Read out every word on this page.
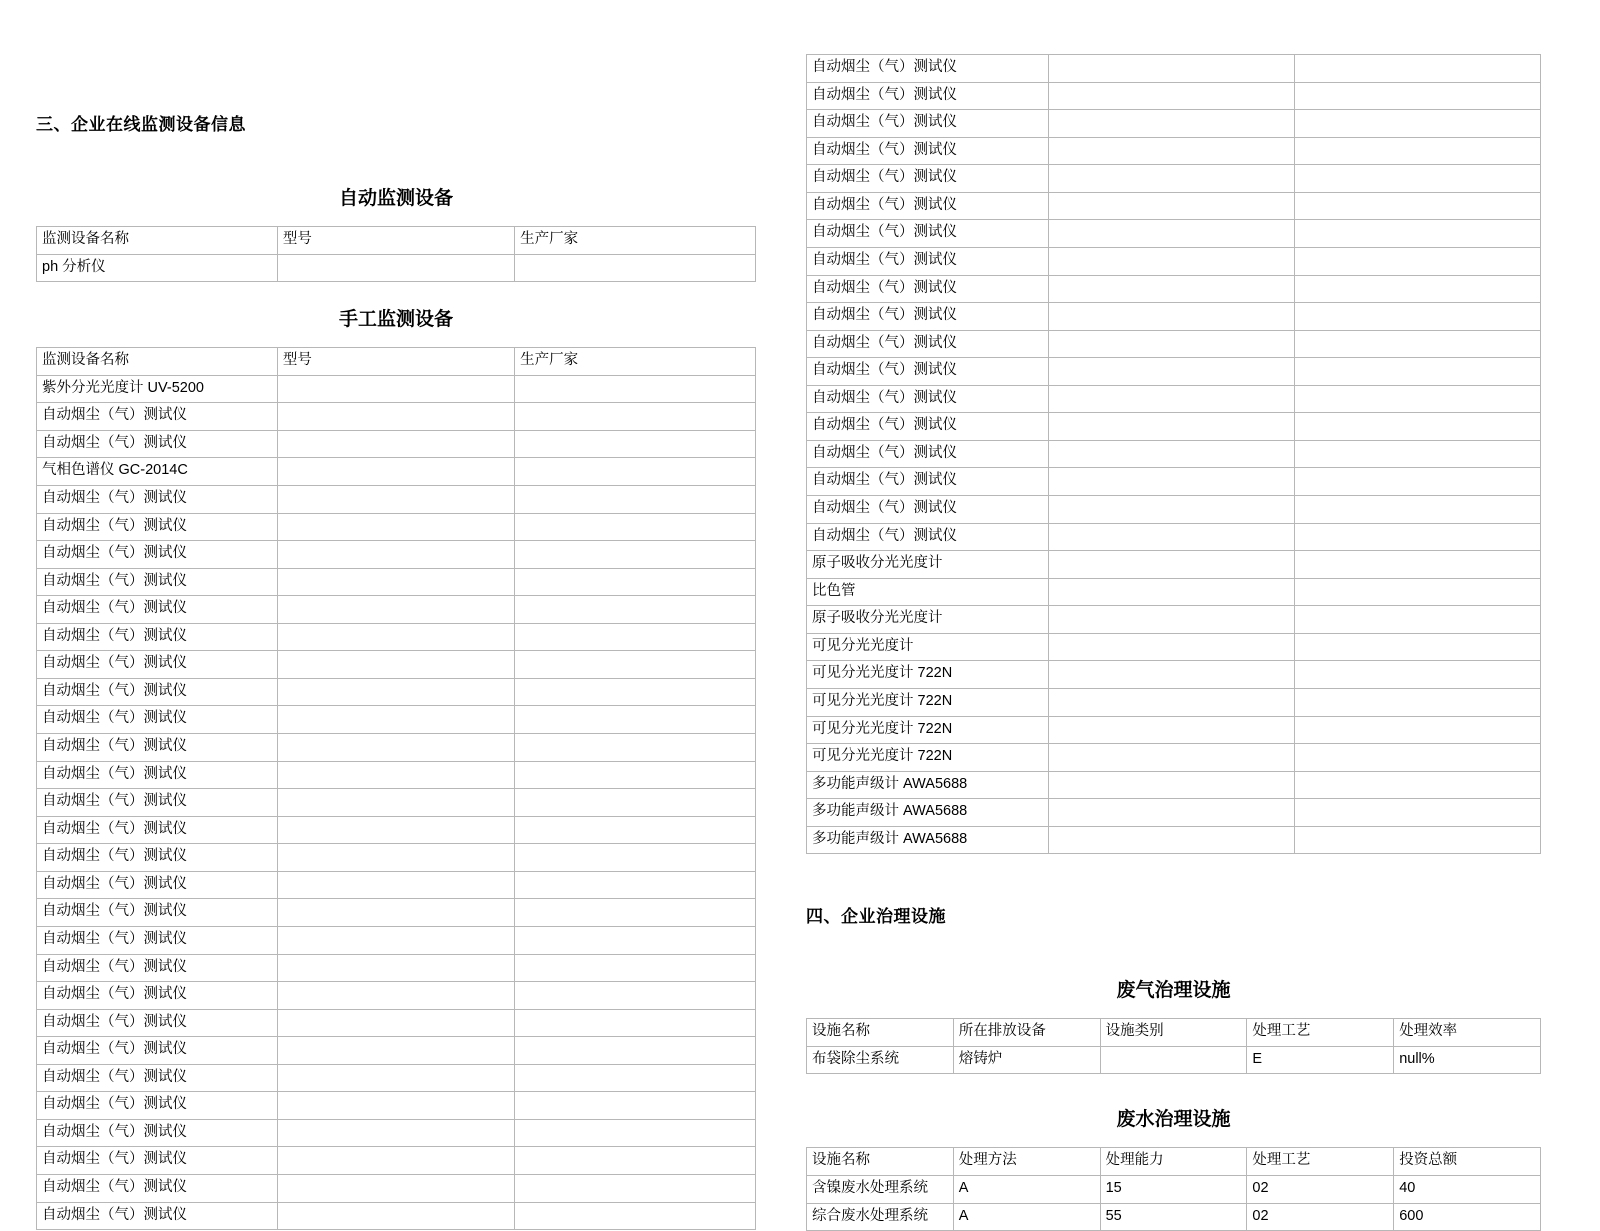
三、企业在线监测设备信息
自动监测设备
监测设备名称	型号	生产厂家
ph 分析仪		
手工监测设备
监测设备名称	型号	生产厂家
紫外分光光度计 UV-5200		
自动烟尘（气）测试仪		
自动烟尘（气）测试仪		
气相色谱仪 GC-2014C		
自动烟尘（气）测试仪		
自动烟尘（气）测试仪		
自动烟尘（气）测试仪		
自动烟尘（气）测试仪		
自动烟尘（气）测试仪		
自动烟尘（气）测试仪		
自动烟尘（气）测试仪		
自动烟尘（气）测试仪		
自动烟尘（气）测试仪		
自动烟尘（气）测试仪		
自动烟尘（气）测试仪		
自动烟尘（气）测试仪		
自动烟尘（气）测试仪		
自动烟尘（气）测试仪		
自动烟尘（气）测试仪		
自动烟尘（气）测试仪		
自动烟尘（气）测试仪		
自动烟尘（气）测试仪		
自动烟尘（气）测试仪		
自动烟尘（气）测试仪		
自动烟尘（气）测试仪		
自动烟尘（气）测试仪		
自动烟尘（气）测试仪		
自动烟尘（气）测试仪		
自动烟尘（气）测试仪		
自动烟尘（气）测试仪		
自动烟尘（气）测试仪		
自动烟尘（气）测试仪		
自动烟尘（气）测试仪		
自动烟尘（气）测试仪		
自动烟尘（气）测试仪		
自动烟尘（气）测试仪		
自动烟尘（气）测试仪		
自动烟尘（气）测试仪		
自动烟尘（气）测试仪		
自动烟尘（气）测试仪		
自动烟尘（气）测试仪		
自动烟尘（气）测试仪		
自动烟尘（气）测试仪		
自动烟尘（气）测试仪		
自动烟尘（气）测试仪		
自动烟尘（气）测试仪		
自动烟尘（气）测试仪		
自动烟尘（气）测试仪		
自动烟尘（气）测试仪		
原子吸收分光光度计		
比色管		
原子吸收分光光度计		
可见分光光度计		
可见分光光度计 722N		
可见分光光度计 722N		
可见分光光度计 722N		
可见分光光度计 722N		
多功能声级计 AWA5688		
多功能声级计 AWA5688		
多功能声级计 AWA5688		
四、企业治理设施
废气治理设施
设施名称	所在排放设备	设施类别	处理工艺	处理效率
布袋除尘系统	熔铸炉		E	null%
废水治理设施
设施名称	处理方法	处理能力	处理工艺	投资总额
含镍废水处理系统	A	15	02	40
综合废水处理系统	A	55	02	600
